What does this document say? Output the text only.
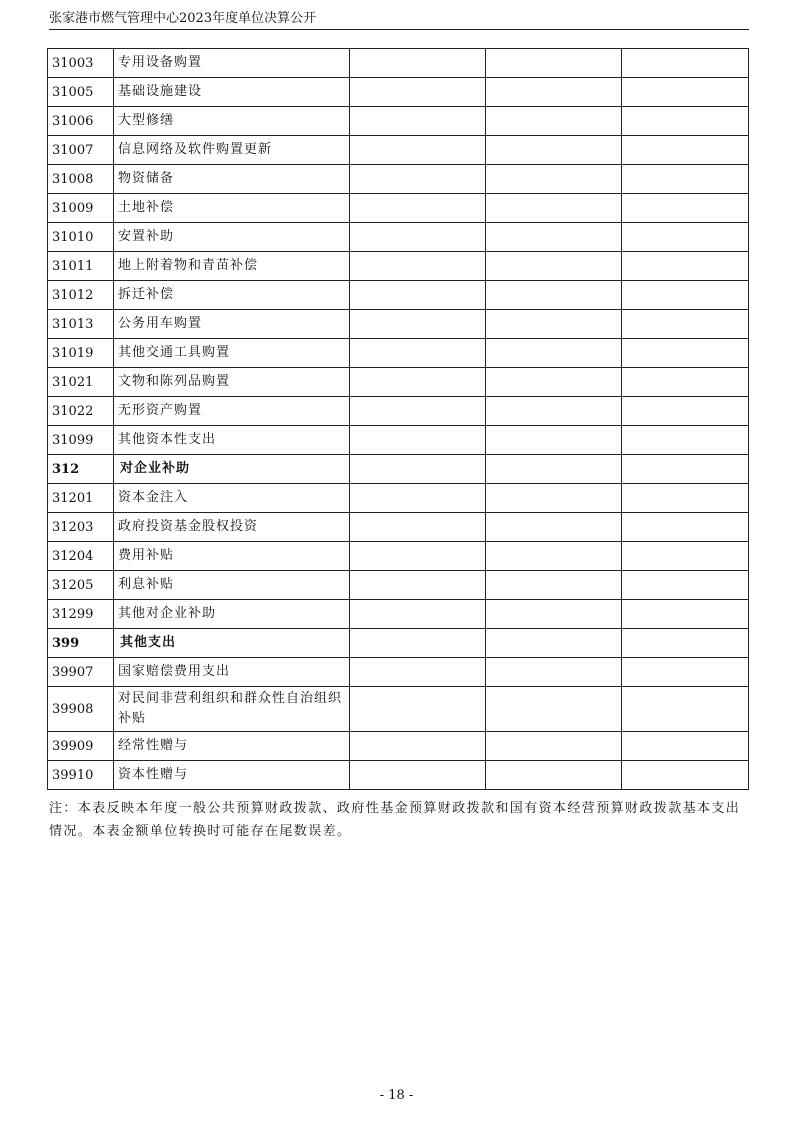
张家港市燃气管理中心2023年度单位决算公开
31003	专用设备购置			
31005	基础设施建设			
31006	大型修缮			
31007	信息网络及软件购置更新			
31008	物资储备			
31009	土地补偿			
31010	安置补助			
31011	地上附着物和青苗补偿			
31012	拆迁补偿			
31013	公务用车购置			
31019	其他交通工具购置			
31021	文物和陈列品购置			
31022	无形资产购置			
31099	其他资本性支出			
312	对企业补助			
31201	资本金注入			
31203	政府投资基金股权投资			
31204	费用补贴			
31205	利息补贴			
31299	其他对企业补助			
399	其他支出			
39907	国家赔偿费用支出			
39908	对民间非营利组织和群众性自治组织补贴			
39909	经常性赠与			
39910	资本性赠与			
注：本表反映本年度一般公共预算财政拨款、政府性基金预算财政拨款和国有资本经营预算财政拨款基本支出情况。本表金额单位转换时可能存在尾数误差。
- 18 -
